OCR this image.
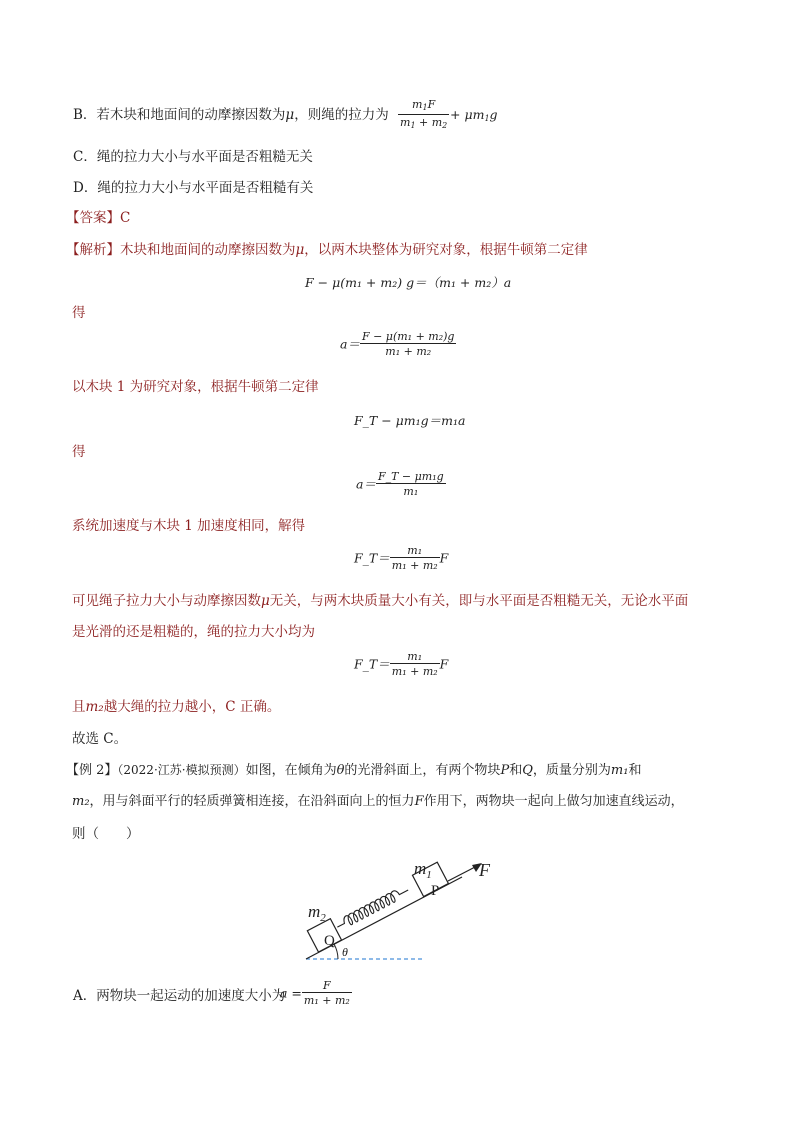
B．若木块和地面间的动摩擦因数为μ，则绳的拉力为 $\frac{m_1F}{m_1 + m_2} + \mu m_1g$
C．绳的拉力大小与水平面是否粗糙无关
D．绳的拉力大小与水平面是否粗糙有关
【答案】C
【解析】木块和地面间的动摩擦因数为μ，以两木块整体为研究对象，根据牛顿第二定律
F − μ(m₁ + m₂) g＝（m₁ + m₂）a
得
$a= \frac{\text{F − μ(m₁ + m₂)g}}{\text{m₁ + m₂}}$
以木块 1 为研究对象，根据牛顿第二定律
F_T − μm₁g＝m₁a
得
$a= \frac{\text{F\_T − μm₁g}}{\text{m₁}}$
系统加速度与木块 1 加速度相同，解得
F_T＝ $\frac{\text{m₁}}{\text{m₁ + m₂}}$ F
可见绳子拉力大小与动摩擦因数μ无关，与两木块质量大小有关，即与水平面是否粗糙无关，无论水平面
是光滑的还是粗糙的，绳的拉力大小均为
F_T＝ $\frac{\text{m₁}}{\text{m₁ + m₂}}$ F
且m₂越大绳的拉力越小，C 正确。
故选 C。
【例 2】（2022·江苏·模拟预测）如图，在倾角为θ的光滑斜面上，有两个物块P和Q，质量分别为m₁和
m₂，用与斜面平行的轻质弹簧相连接，在沿斜面向上的恒力F作用下，两物块一起向上做匀加速直线运动，
则（　　）
$m_1$	F
P
$m_2$
Q
θ
A．两物块一起运动的加速度大小为
$a = \frac{F}{\text{m₁ + m₂}}$
